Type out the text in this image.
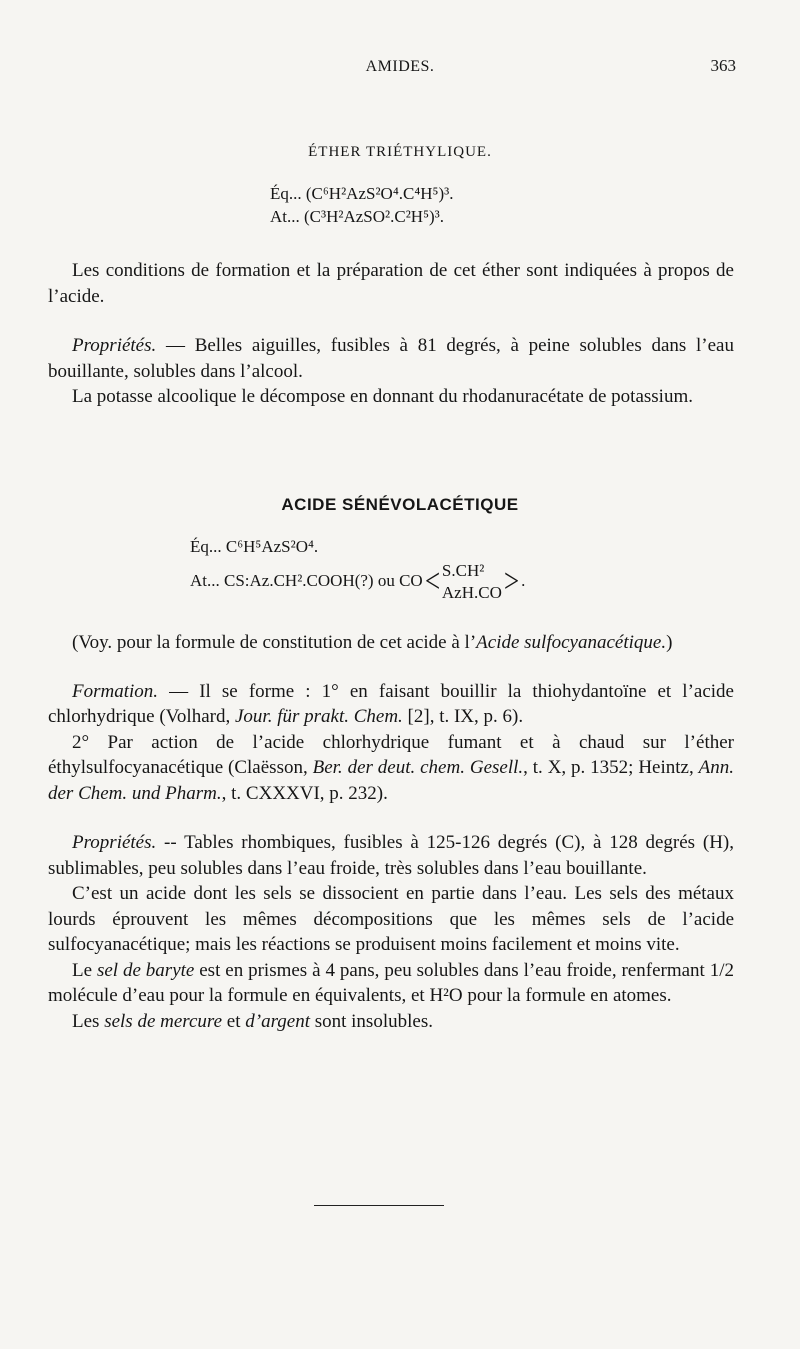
AMIDES.	363
ÉTHER TRIÉTHYLIQUE.
Éq... (C⁶H²AzS²O⁴.C⁴H⁵)³.
At... (C³H²AzSO².C²H⁵)³.

Les conditions de formation et la préparation de cet éther sont indiquées à propos de l’acide.

Propriétés. — Belles aiguilles, fusibles à 81 degrés, à peine solubles dans l’eau bouillante, solubles dans l’alcool.

La potasse alcoolique le décompose en donnant du rhodanuracétate de potassium.

ACIDE SÉNÉVOLACÉTIQUE
Éq... C⁶H⁵AzS²O⁴.
At... CS:Az.CH².COOH(?) ou CO< S.CH²
AzH.CO> .

(Voy. pour la formule de constitution de cet acide à l’Acide sulfocyanacétique.)

Formation. — Il se forme : 1° en faisant bouillir la thiohydantoïne et l’acide chlorhydrique (Volhard, Jour. für prakt. Chem. [2], t. IX, p. 6).

2° Par action de l’acide chlorhydrique fumant et à chaud sur l’éther éthylsulfocyanacétique (Claësson, Ber. der deut. chem. Gesell., t. X, p. 1352; Heintz, Ann. der Chem. und Pharm., t. CXXXVI, p. 232).

Propriétés. -- Tables rhombiques, fusibles à 125-126 degrés (C), à 128 degrés (H), sublimables, peu solubles dans l’eau froide, très solubles dans l’eau bouillante.

C’est un acide dont les sels se dissocient en partie dans l’eau. Les sels des métaux lourds éprouvent les mêmes décompositions que les mêmes sels de l’acide sulfocyanacétique; mais les réactions se produisent moins facilement et moins vite.

Le sel de baryte est en prismes à 4 pans, peu solubles dans l’eau froide, renfermant 1/2 molécule d’eau pour la formule en équivalents, et H²O pour la formule en atomes.

Les sels de mercure et d’argent sont insolubles.
